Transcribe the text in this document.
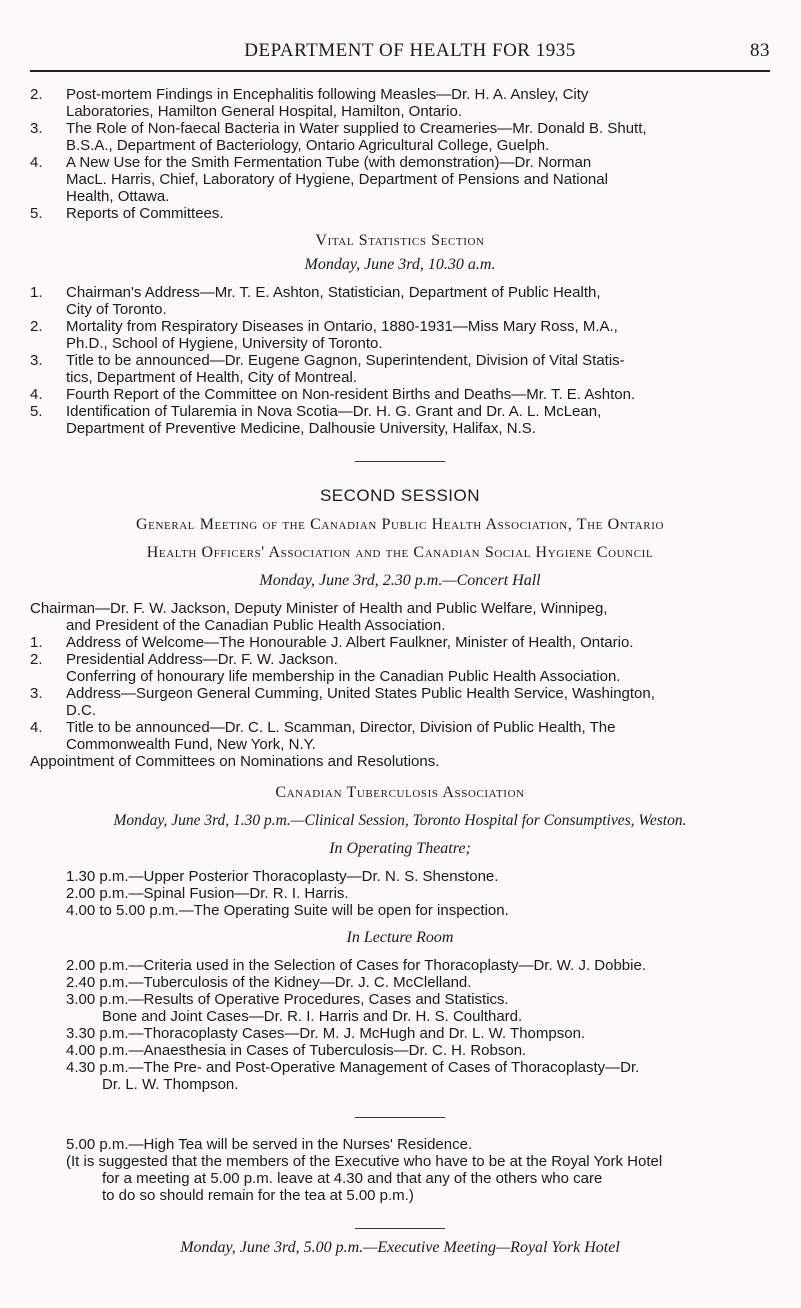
DEPARTMENT OF HEALTH FOR 1935	83
2.	Post-mortem Findings in Encephalitis following Measles—Dr. H. A. Ansley, City
Laboratories, Hamilton General Hospital, Hamilton, Ontario.
3.	The Role of Non-faecal Bacteria in Water supplied to Creameries—Mr. Donald B. Shutt,
B.S.A., Department of Bacteriology, Ontario Agricultural College, Guelph.
4.	A New Use for the Smith Fermentation Tube (with demonstration)—Dr. Norman
MacL. Harris, Chief, Laboratory of Hygiene, Department of Pensions and National
Health, Ottawa.
5.	Reports of Committees.
Vital Statistics Section
Monday, June 3rd, 10.30 a.m.
1.	Chairman's Address—Mr. T. E. Ashton, Statistician, Department of Public Health,
City of Toronto.
2.	Mortality from Respiratory Diseases in Ontario, 1880-1931—Miss Mary Ross, M.A.,
Ph.D., School of Hygiene, University of Toronto.
3.	Title to be announced—Dr. Eugene Gagnon, Superintendent, Division of Vital Statis-
tics, Department of Health, City of Montreal.
4.	Fourth Report of the Committee on Non-resident Births and Deaths—Mr. T. E. Ashton.
5.	Identification of Tularemia in Nova Scotia—Dr. H. G. Grant and Dr. A. L. McLean,
Department of Preventive Medicine, Dalhousie University, Halifax, N.S.
SECOND SESSION
General Meeting of the Canadian Public Health Association, The Ontario
Health Officers' Association and the Canadian Social Hygiene Council
Monday, June 3rd, 2.30 p.m.—Concert Hall
Chairman—Dr. F. W. Jackson, Deputy Minister of Health and Public Welfare, Winnipeg,
and President of the Canadian Public Health Association.
1.	Address of Welcome—The Honourable J. Albert Faulkner, Minister of Health, Ontario.
2.	Presidential Address—Dr. F. W. Jackson.
Conferring of honourary life membership in the Canadian Public Health Association.
3.	Address—Surgeon General Cumming, United States Public Health Service, Washington,
D.C.
4.	Title to be announced—Dr. C. L. Scamman, Director, Division of Public Health, The
Commonwealth Fund, New York, N.Y.
Appointment of Committees on Nominations and Resolutions.
Canadian Tuberculosis Association
Monday, June 3rd, 1.30 p.m.—Clinical Session, Toronto Hospital for Consumptives, Weston.
In Operating Theatre;
1.30 p.m.—Upper Posterior Thoracoplasty—Dr. N. S. Shenstone.
2.00 p.m.—Spinal Fusion—Dr. R. I. Harris.
4.00 to 5.00 p.m.—The Operating Suite will be open for inspection.
In Lecture Room
2.00 p.m.—Criteria used in the Selection of Cases for Thoracoplasty—Dr. W. J. Dobbie.
2.40 p.m.—Tuberculosis of the Kidney—Dr. J. C. McClelland.
3.00 p.m.—Results of Operative Procedures, Cases and Statistics.
Bone and Joint Cases—Dr. R. I. Harris and Dr. H. S. Coulthard.
3.30 p.m.—Thoracoplasty Cases—Dr. M. J. McHugh and Dr. L. W. Thompson.
4.00 p.m.—Anaesthesia in Cases of Tuberculosis—Dr. C. H. Robson.
4.30 p.m.—The Pre- and Post-Operative Management of Cases of Thoracoplasty—Dr.
Dr. L. W. Thompson.
5.00 p.m.—High Tea will be served in the Nurses' Residence.
(It is suggested that the members of the Executive who have to be at the Royal York Hotel
for a meeting at 5.00 p.m. leave at 4.30 and that any of the others who care
to do so should remain for the tea at 5.00 p.m.)
Monday, June 3rd, 5.00 p.m.—Executive Meeting—Royal York Hotel
